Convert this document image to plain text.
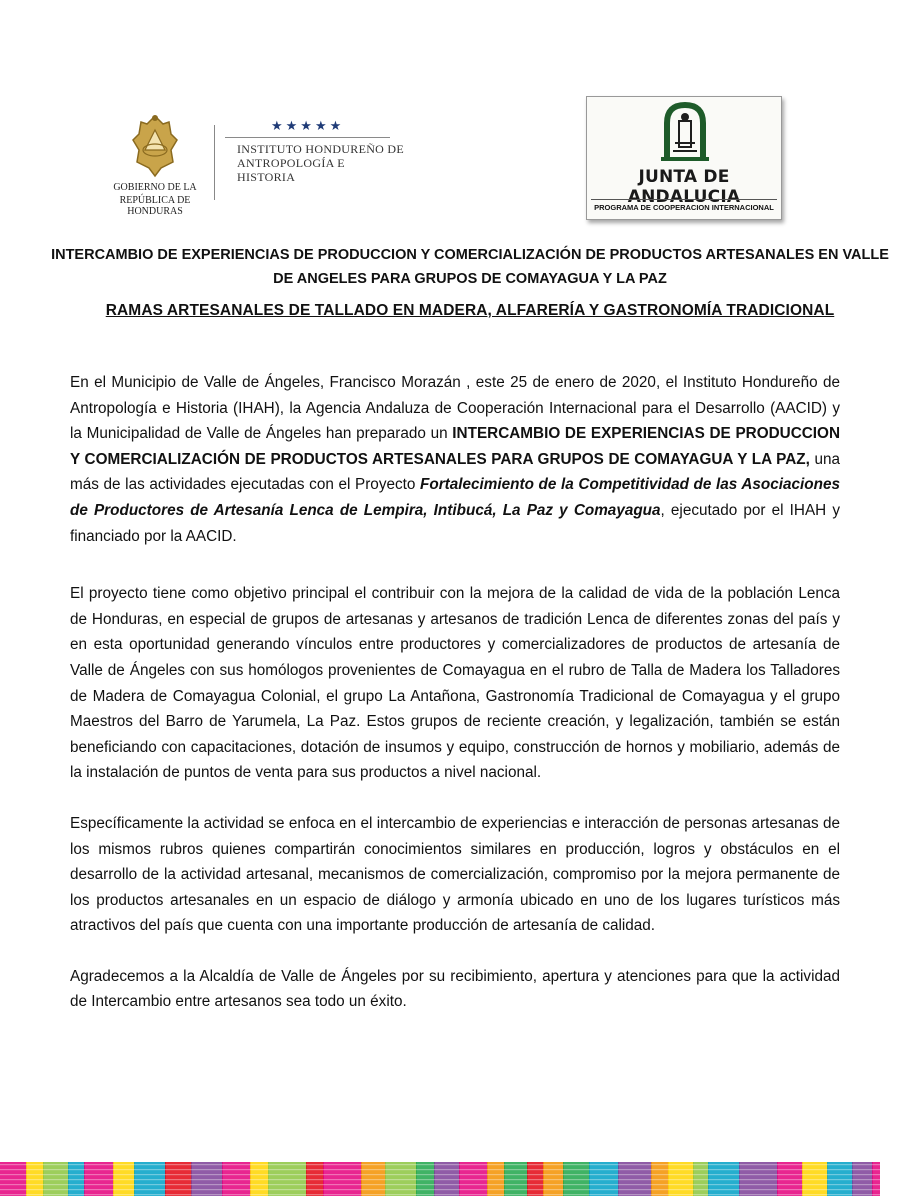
GOBIERNO DE LA
REPÚBLICA DE HONDURAS
★★★★★
INSTITUTO HONDUREÑO DE
ANTROPOLOGÍA E HISTORIA	JUNTA DE ANDALUCIA
PROGRAMA DE COOPERACION INTERNACIONAL
INTERCAMBIO DE EXPERIENCIAS DE PRODUCCION Y COMERCIALIZACIÓN DE PRODUCTOS ARTESANALES EN VALLE DE ANGELES PARA GRUPOS DE COMAYAGUA Y LA PAZ
RAMAS ARTESANALES DE TALLADO EN MADERA, ALFARERÍA Y GASTRONOMÍA TRADICIONAL

En el Municipio de Valle de Ángeles, Francisco Morazán , este 25 de enero de 2020, el Instituto Hondureño de Antropología e Historia (IHAH), la Agencia Andaluza de Cooperación Internacional para el Desarrollo (AACID) y la Municipalidad de Valle de Ángeles han preparado un INTERCAMBIO DE EXPERIENCIAS DE PRODUCCION Y COMERCIALIZACIÓN DE PRODUCTOS ARTESANALES PARA GRUPOS DE COMAYAGUA Y LA PAZ, una más de las actividades ejecutadas con el Proyecto Fortalecimiento de la Competitividad de las Asociaciones de Productores de Artesanía Lenca de Lempira, Intibucá, La Paz y Comayagua, ejecutado por el IHAH y financiado por la AACID.

El proyecto tiene como objetivo principal el contribuir con la mejora de la calidad de vida de la población Lenca de Honduras, en especial de grupos de artesanas y artesanos de tradición Lenca de diferentes zonas del país y en esta oportunidad generando vínculos entre productores y comercializadores de productos de artesanía de Valle de Ángeles con sus homólogos provenientes de Comayagua en el rubro de Talla de Madera los Talladores de Madera de Comayagua Colonial, el grupo La Antañona, Gastronomía Tradicional de Comayagua y el grupo Maestros del Barro de Yarumela, La Paz. Estos grupos de reciente creación, y legalización, también se están beneficiando con capacitaciones, dotación de insumos y equipo, construcción de hornos y mobiliario, además de la instalación de puntos de venta para sus productos a nivel nacional.

Específicamente la actividad se enfoca en el intercambio de experiencias e interacción de personas artesanas de los mismos rubros quienes compartirán conocimientos similares en producción, logros y obstáculos en el desarrollo de la actividad artesanal, mecanismos de comercialización, compromiso por la mejora permanente de los productos artesanales en un espacio de diálogo y armonía ubicado en uno de los lugares turísticos más atractivos del país que cuenta con una importante producción de artesanía de calidad.

Agradecemos a la Alcaldía de Valle de Ángeles por su recibimiento, apertura y atenciones para que la actividad de Intercambio entre artesanos sea todo un éxito.
